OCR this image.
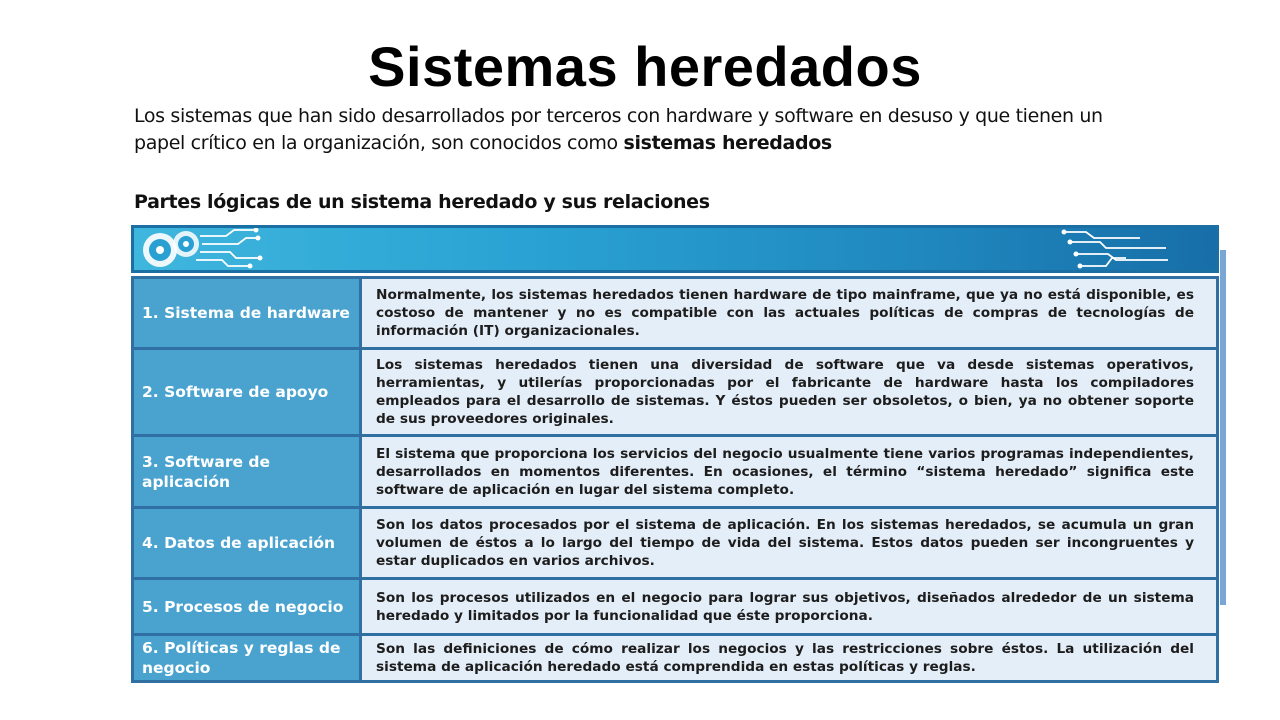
Sistemas heredados
Los sistemas que han sido desarrollados por terceros con hardware y software en desuso y que tienen un papel crítico en la organización, son conocidos como sistemas heredados
Partes lógicas de un sistema heredado y sus relaciones
1. Sistema de hardware
Normalmente, los sistemas heredados tienen hardware de tipo mainframe, que ya no está disponible, es costoso de mantener y no es compatible con las actuales políticas de compras de tecnologías de información (IT) organizacionales.
2. Software de apoyo
Los sistemas heredados tienen una diversidad de software que va desde sistemas operativos, herramientas, y utilerías proporcionadas por el fabricante de hardware hasta los compiladores empleados para el desarrollo de sistemas. Y éstos pueden ser obsoletos, o bien, ya no obtener soporte de sus proveedores originales.
3. Software de aplicación
El sistema que proporciona los servicios del negocio usualmente tiene varios programas independientes, desarrollados en momentos diferentes. En ocasiones, el término “sistema heredado” significa este software de aplicación en lugar del sistema completo.
4. Datos de aplicación
Son los datos procesados por el sistema de aplicación. En los sistemas heredados, se acumula un gran volumen de éstos a lo largo del tiempo de vida del sistema. Estos datos pueden ser incongruentes y estar duplicados en varios archivos.
5. Procesos de negocio	Son los procesos utilizados en el negocio para lograr sus objetivos, diseñados alrededor de un sistema heredado y limitados por la funcionalidad que éste proporciona.
6. Políticas y reglas de negocio
Son las definiciones de cómo realizar los negocios y las restricciones sobre éstos. La utilización del sistema de aplicación heredado está comprendida en estas políticas y reglas.
